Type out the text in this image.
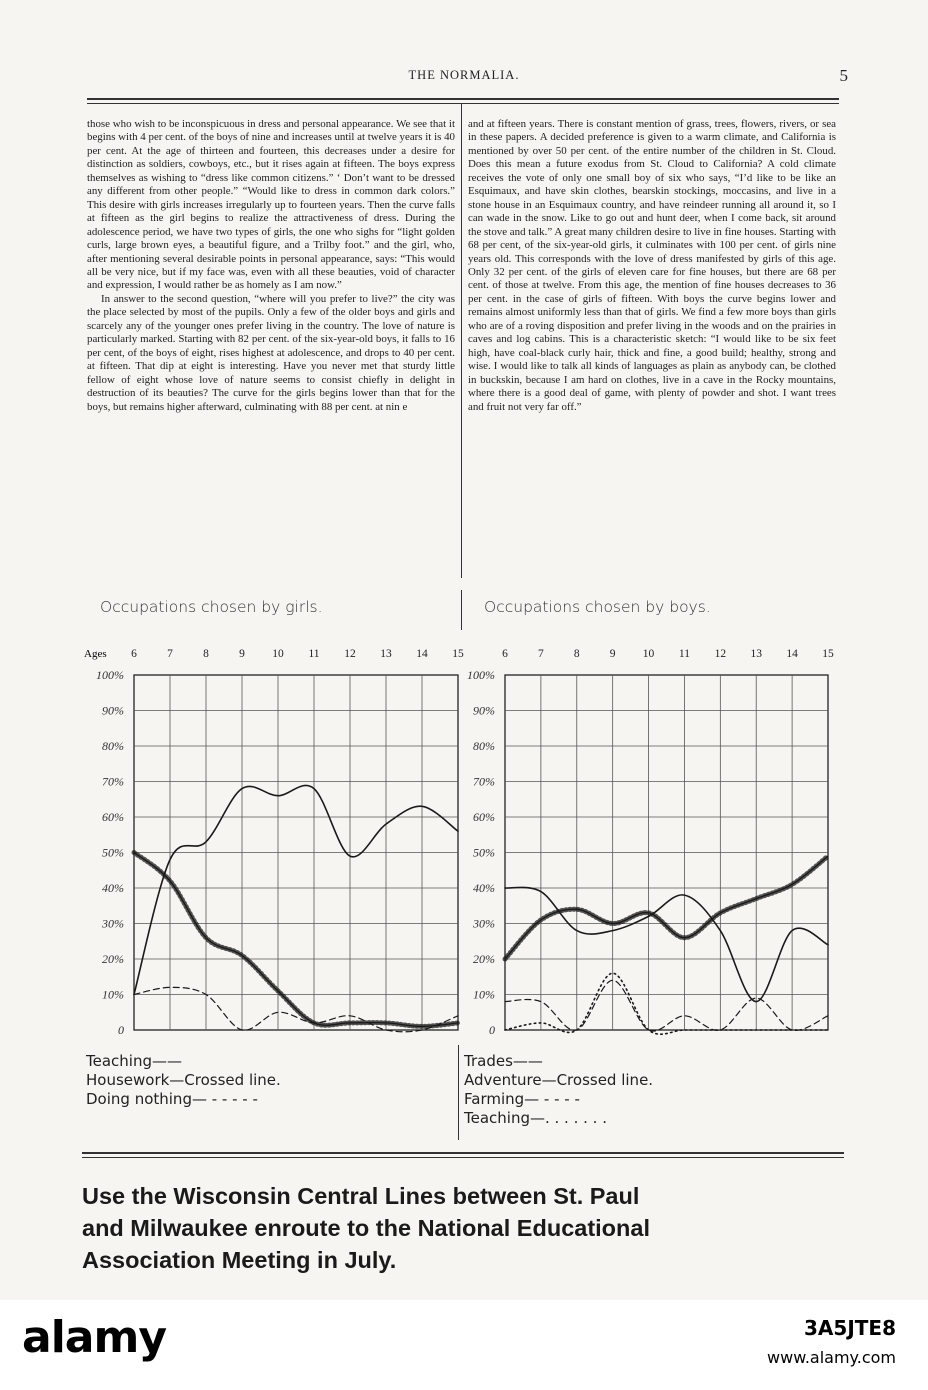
THE NORMALIA.	5

those who wish to be inconspicuous in dress and personal appearance. We see that it begins with 4 per cent. of the boys of nine and increases until at twelve years it is 40 per cent. At the age of thirteen and fourteen, this decreases under a desire for distinction as soldiers, cowboys, etc., but it rises again at fifteen. The boys express themselves as wishing to “dress like common citizens.” ‘ Don’t want to be dressed any different from other people.” “Would like to dress in common dark colors.” This desire with girls increases irregularly up to fourteen years. Then the curve falls at fifteen as the girl begins to realize the attractiveness of dress. During the adolescence period, we have two types of girls, the one who sighs for “light golden curls, large brown eyes, a beautiful figure, and a Trilby foot.” and the girl, who, after mentioning several desirable points in personal appearance, says: “This would all be very nice, but if my face was, even with all these beauties, void of character and expression, I would rather be as homely as I am now.”

In answer to the second question, “where will you prefer to live?” the city was the place selected by most of the pupils. Only a few of the older boys and girls and scarcely any of the younger ones prefer living in the country. The love of nature is particularly marked. Starting with 82 per cent. of the six-year-old boys, it falls to 16 per cent, of the boys of eight, rises highest at adolescence, and drops to 40 per cent. at fifteen. That dip at eight is interesting. Have you never met that sturdy little fellow of eight whose love of nature seems to consist chiefly in delight in destruction of its beauties? The curve for the girls begins lower than that for the boys, but remains higher afterward, culminating with 88 per cent. at nin e

and at fifteen years. There is constant mention of grass, trees, flowers, rivers, or sea in these papers. A decided preference is given to a warm climate, and California is mentioned by over 50 per cent. of the entire number of the children in St. Cloud. Does this mean a future exodus from St. Cloud to California? A cold climate receives the vote of only one small boy of six who says, “I’d like to be like an Esquimaux, and have skin clothes, bearskin stockings, moccasins, and live in a stone house in an Esquimaux country, and have reindeer running all around it, so I can wade in the snow. Like to go out and hunt deer, when I come back, sit around the stove and talk.” A great many children desire to live in fine houses. Starting with 68 per cent, of the six-year-old girls, it culminates with 100 per cent. of girls nine years old. This corresponds with the love of dress manifested by girls of this age. Only 32 per cent. of the girls of eleven care for fine houses, but there are 68 per cent. of those at twelve. From this age, the mention of fine houses decreases to 36 per cent. in the case of girls of fifteen. With boys the curve begins lower and remains almost uniformly less than that of girls. We find a few more boys than girls who are of a roving disposition and prefer living in the woods and on the prairies in caves and log cabins. This is a characteristic sketch: “I would like to be six feet high, have coal-black curly hair, thick and fine, a good build; healthy, strong and wise. I would like to talk all kinds of languages as plain as anybody can, be clothed in buckskin, because I am hard on clothes, live in a cave in the Rocky mountains, where there is a good deal of game, with plenty of powder and shot. I want trees and fruit not very far off.”

Occupations chosen by girls.	Occupations chosen by boys.
Ages 6	7	8	9 10 11 12 13 14 15
100%
90%
80%
70%
60%
50%
40%
30%
20%
10%
0
6	7	8	9 10 11 12 13 14 15
100%
90%
80%
70%
60%
50%
40%
30%
20%
10%
0
Teaching——
Housework—Crossed line.
Doing nothing— - - - - -
Trades——
Adventure—Crossed line.
Farming— - - - -
Teaching—. . . . . . .
Use the Wisconsin Central Lines between St. Paul
and Milwaukee enroute to the National Educational
Association Meeting in July.
alamy	3A5JTE8
www.alamy.com
